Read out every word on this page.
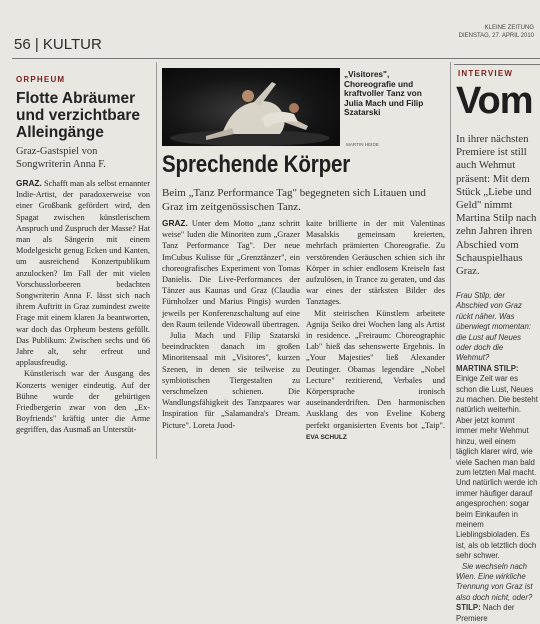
56 | KULTUR
KLEINE ZEITUNG
DIENSTAG, 27. APRIL 2010
ORPHEUM
Flotte Abräumer und verzichtbare Alleingänge
Graz-Gastspiel von Songwriterin Anna F.
GRAZ. Schafft man als selbst ernannter Indie-Artist, der paradoxerweise von einer Großbank gefördert wird, den Spagat zwischen künstlerischem Anspruch und Zuspruch der Masse? Hat man als Sängerin mit einem Modelgesicht genug Ecken und Kanten, um ausreichend Konzertpublikum anzulocken? Im Fall der mit vielen Vorschusslorbeeren bedachten Songwriterin Anna F. lässt sich nach ihrem Auftritt in Graz zumindest zweite Frage mit einem klaren Ja beantworten, war doch das Orpheum bestens gefüllt. Das Publikum: Zwischen sechs und 66 Jahre alt, sehr erfreut und applausfreudig.
Künstlerisch war der Ausgang des Konzerts weniger eindeutig. Auf der Bühne wurde der gebürtigen Friedbergerin zwar von den „Ex-Boyfriends" kräftig unter die Arme gegriffen, das Ausmaß an Unterstüt-
„Visitores", Choreografie und kraftvoller Tanz von Julia Mach und Filip Szatarski
MARTIN HEIDE
Sprechende Körper
Beim „Tanz Performance Tag" begegneten sich Litauen und Graz im zeitgenössischen Tanz.
GRAZ. Unter dem Motto „tanz schritt weise" luden die Minoriten zum „Grazer Tanz Performance Tag". Der neue ImCubus Kulisse für „Grenztänzer", ein choreografisches Experiment von Tomas Danielis. Die Live-Performances der Tänzer aus Kaunas und Graz (Claudia Fürnholzer und Marius Pingis) wurden jeweils per Konferenzschaltung auf eine den Raum teilende Videowall übertragen.
Julia Mach und Filip Szatarski beeindruckten danach im großen Minoritensaal mit „Visitores", kurzen Szenen, in denen sie teilweise zu symbiotischen Tiergestalten zu verschmelzen schienen. Die Wandlungsfähigkeit des Tanzpaares war Inspiration für „Salamandra's Dream. Picture". Loreta Juod-
kaite brillierte in der mit Valentinas Masalskis gemeinsam kreierten, mehrfach prämierten Choreografie. Zu verstörenden Geräuschen schien sich ihr Körper in schier endlosem Kreiseln fast aufzulösen, in Trance zu geraten, und das war eines der stärksten Bilder des Tanztages.
Mit steirischen Künstlern arbeitete Agnija Seiko drei Wochen lang als Artist in residence. „Freiraum: Choreographic Lab" hieß das sehenswerte Ergebnis. In „Your Majesties" ließ Alexander Deutinger. Obamas legendäre „Nobel Lecture" rezitierend, Verbales und Körpersprache ironisch auseinanderdriften. Den harmonischen Ausklang des von Eveline Koberg perfekt organisierten Events bot „Taip". EVA SCHULZ
INTERVIEW
Vom
In ihrer nächsten Premiere ist still auch Wehmut präsent: Mit dem Stück „Liebe und Geld" nimmt Martina Stilp nach zehn Jahren ihren Abschied vom Schauspielhaus Graz.
Frau Stilp, der Abschied von Graz rückt näher. Was überwiegt momentan: die Lust auf Neues oder doch die Wehmut?
MARTINA STILP: Einige Zeit war es schon die Lust, Neues zu machen. Die besteht natürlich weiterhin. Aber jetzt kommt immer mehr Wehmut hinzu, weil einem täglich klarer wird, wie viele Sachen man bald zum letzten Mal macht. Und natürlich werde ich immer häufiger darauf angesprochen: sogar beim Einkaufen in meinem Lieblingsbioladen. Es ist, als ob letztlich doch sehr schwer.
Sie wechseln nach Wien. Eine wirkliche Trennung von Graz ist also doch nicht, oder?
STILP: Nach der Premiere
